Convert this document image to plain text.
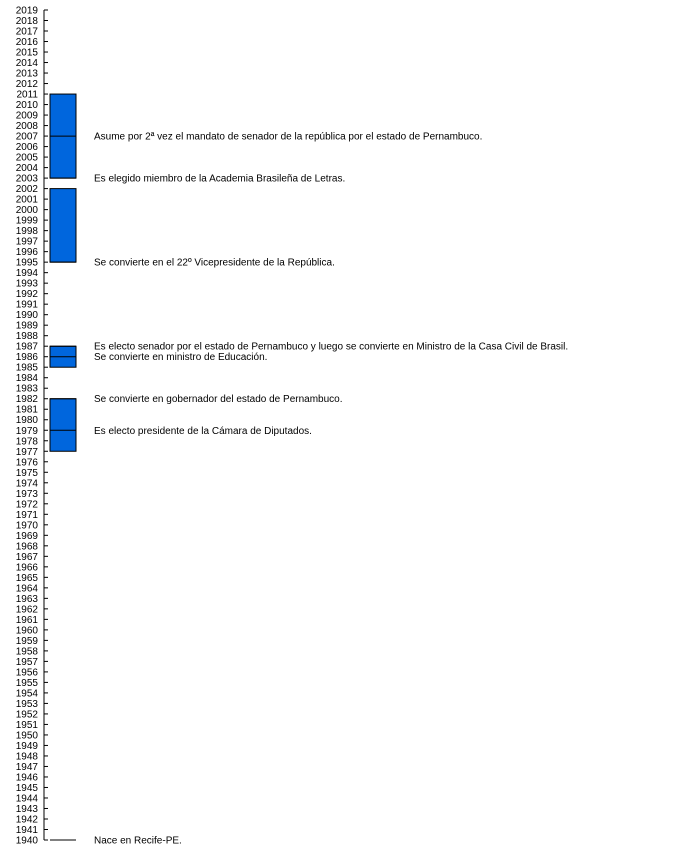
1940
1941
1942
1943
1944
1945
1946
1947
1948
1949
1950
1951
1952
1953
1954
1955
1956
1957
1958
1959
1960
1961
1962
1963
1964
1965
1966
1967
1968
1969
1970
1971
1972
1973
1974
1975
1976
1977
1978
1979
1980
1981
1982
1983
1984
1985
1986
1987
1988
1989
1990
1991
1992
1993
1994
1995
1996
1997
1998
1999
2000
2001
2002
2003
2004
2005
2006
2007
2008
2009
2010
2011
2012
2013
2014
2015
2016
2017
2018
2019
Nace en Recife-PE.
Es electo presidente de la Cámara de Diputados.
Se convierte en gobernador del estado de Pernambuco.
Se convierte en ministro de Educación.
Es electo senador por el estado de Pernambuco y luego se convierte en Ministro de la Casa Civil de Brasil.
Se convierte en el 22º Vicepresidente de la República.
Es elegido miembro de la Academia Brasileña de Letras.
Asume por 2ª vez el mandato de senador de la república por el estado de Pernambuco.
